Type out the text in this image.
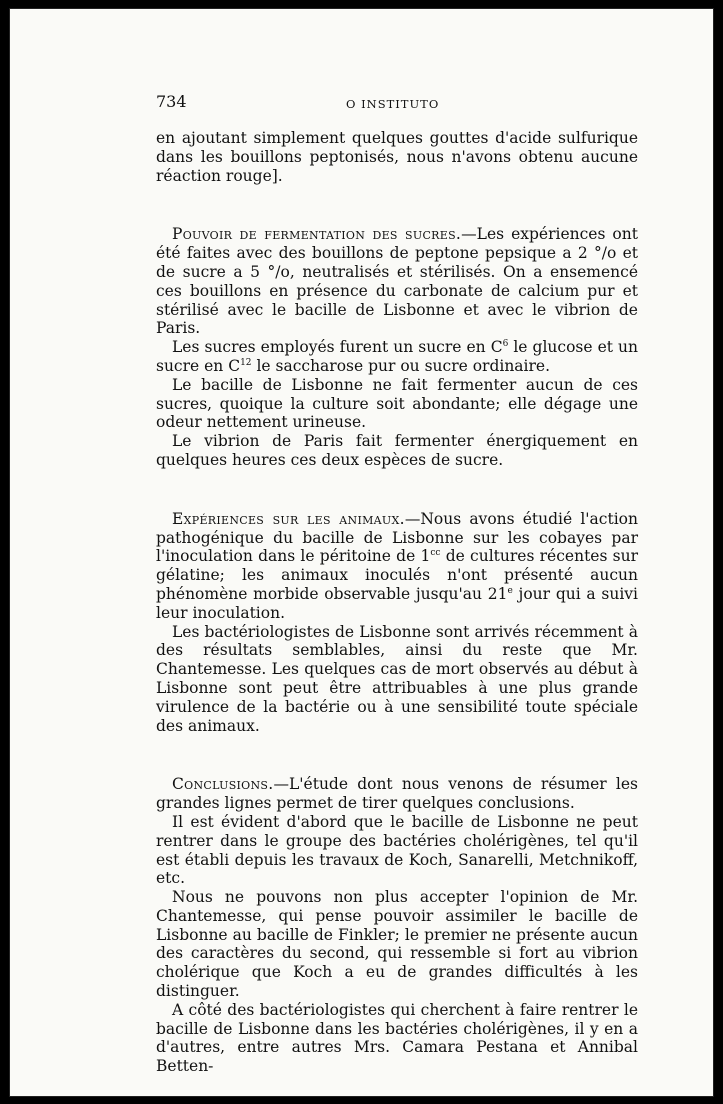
734	O INSTITUTO

en ajoutant simplement quelques gouttes d'acide sulfurique dans les bouillons peptonisés, nous n'avons obtenu aucune réaction rouge].

Pouvoir de fermentation des sucres.—Les expériences ont été faites avec des bouillons de peptone pepsique a 2 °/o et de sucre a 5 °/o, neutralisés et stérilisés. On a ensemencé ces bouillons en présence du carbonate de calcium pur et stérilisé avec le bacille de Lisbonne et avec le vibrion de Paris.

Les sucres employés furent un sucre en $C^6$ le glucose et un sucre en $C^{12}$ le saccharose pur ou sucre ordinaire.

Le bacille de Lisbonne ne fait fermenter aucun de ces sucres, quoique la culture soit abondante; elle dégage une odeur nettement urineuse.

Le vibrion de Paris fait fermenter énergiquement en quelques heures ces deux espèces de sucre.

Expériences sur les animaux.—Nous avons étudié l'action pathogénique du bacille de Lisbonne sur les cobayes par l'inoculation dans le péritoine de $1^{cc}$ de cultures récentes sur gélatine; les animaux inoculés n'ont présenté aucun phénomène morbide observable jusqu'au 21e jour qui a suivi leur inoculation.

Les bactériologistes de Lisbonne sont arrivés récemment à des résultats semblables, ainsi du reste que Mr. Chantemesse. Les quelques cas de mort observés au début à Lisbonne sont peut être attribuables à une plus grande virulence de la bactérie ou à une sensibilité toute spéciale des animaux.

Conclusions.—L'étude dont nous venons de résumer les grandes lignes permet de tirer quelques conclusions.

Il est évident d'abord que le bacille de Lisbonne ne peut rentrer dans le groupe des bactéries cholérigènes, tel qu'il est établi depuis les travaux de Koch, Sanarelli, Metchnikoff, etc.

Nous ne pouvons non plus accepter l'opinion de Mr. Chantemesse, qui pense pouvoir assimiler le bacille de Lisbonne au bacille de Finkler; le premier ne présente aucun des caractères du second, qui ressemble si fort au vibrion cholérique que Koch a eu de grandes difficultés à les distinguer.

A côté des bactériologistes qui cherchent à faire rentrer le bacille de Lisbonne dans les bactéries cholérigènes, il y en a d'autres, entre autres Mrs. Camara Pestana et Annibal Betten-
